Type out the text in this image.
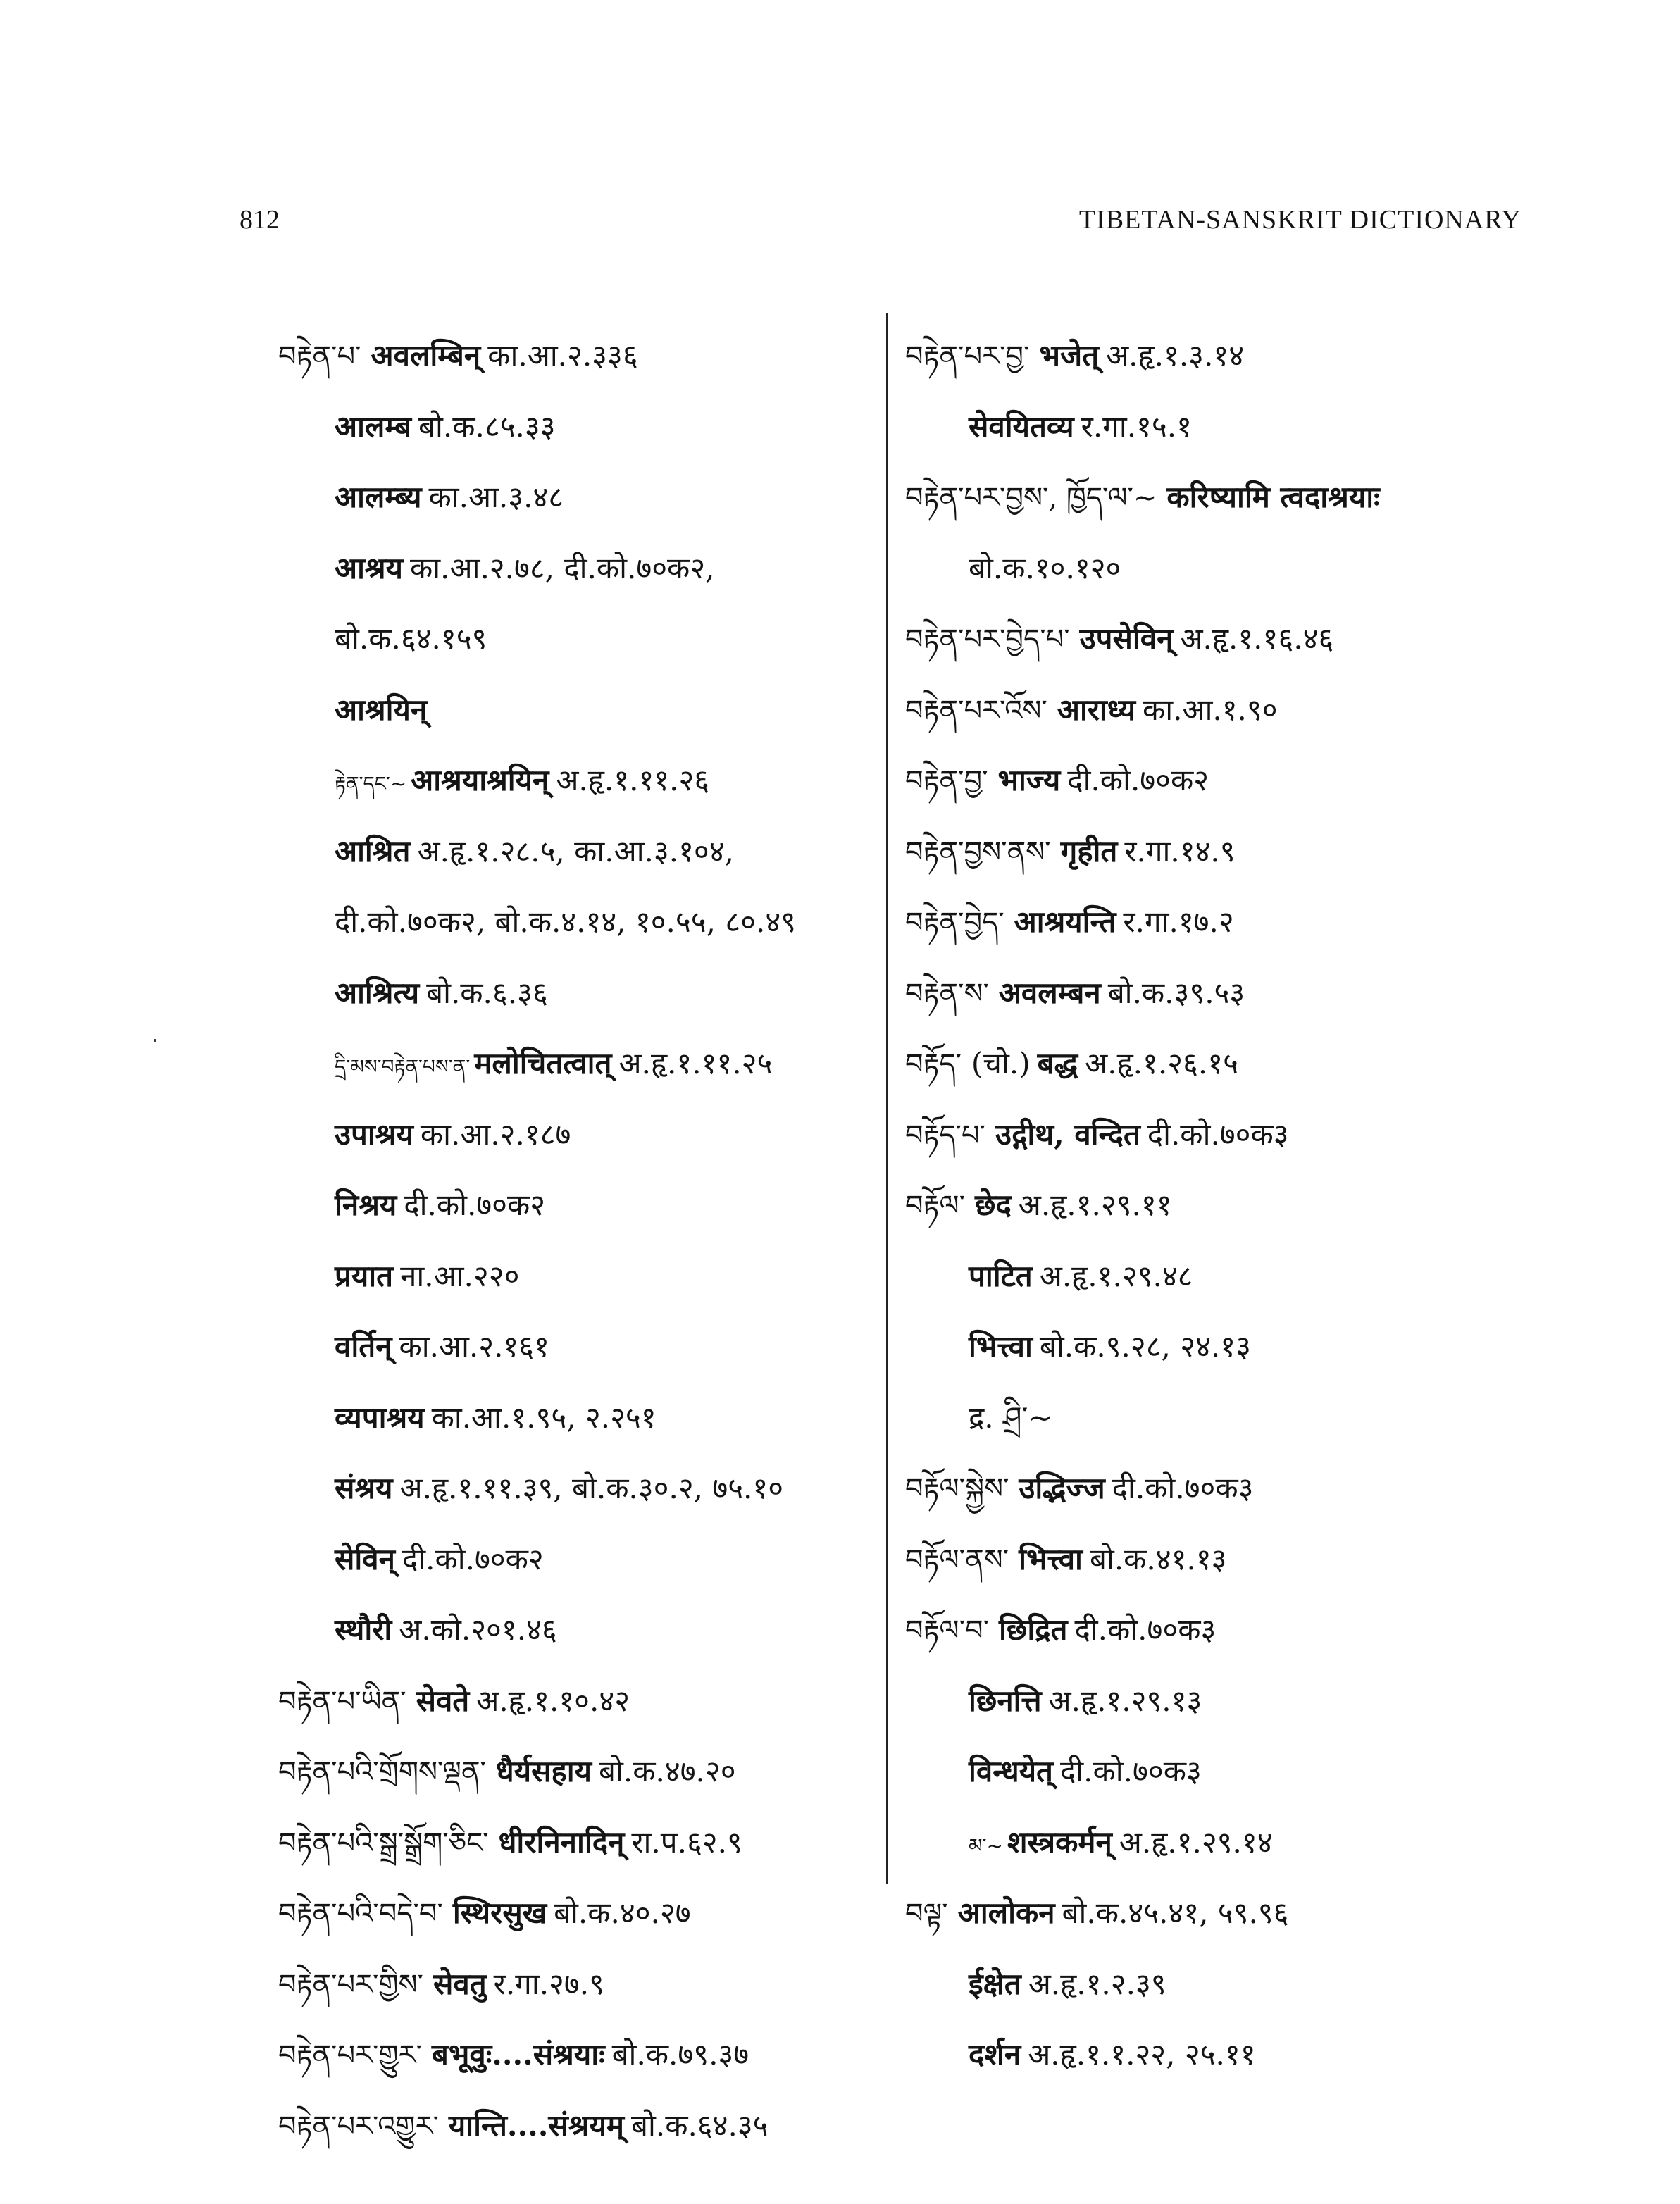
812	TIBETAN-SANSKRIT DICTIONARY
བརྟེན་པ་ अवलम्बिन् का.आ.२.३३६
आलम्ब बो.क.८५.३३
आलम्ब्य का.आ.३.४८
आश्रय का.आ.२.७८, दी.को.७०क२,
बो.क.६४.१५९
आश्रयिन्
རྟེན་དང་~ आश्रयाश्रयिन् अ.हृ.१.११.२६
आश्रित अ.हृ.१.२८.५, का.आ.३.१०४,
दी.को.७०क२, बो.क.४.१४, १०.५५, ८०.४९
आश्रित्य बो.क.६.३६
དྲི་མས་བརྟེན་པས་ན་ मलोचितत्वात् अ.हृ.१.११.२५
उपाश्रय का.आ.२.१८७
निश्रय दी.को.७०क२
प्रयात ना.आ.२२०
वर्तिन् का.आ.२.१६१
व्यपाश्रय का.आ.१.९५, २.२५१
संश्रय अ.हृ.१.११.३९, बो.क.३०.२, ७५.१०
सेविन् दी.को.७०क२
स्थौरी अ.को.२०१.४६
བརྟེན་པ་ཡིན་ सेवते अ.हृ.१.१०.४२
བརྟེན་པའི་གྲོགས་ལྡན་ धैर्यसहाय बो.क.४७.२०
བརྟེན་པའི་སྒྲ་སྒྲོག་ཅིང་ धीरनिनादिन् रा.प.६२.९
བརྟེན་པའི་བདེ་བ་ स्थिरसुख बो.क.४०.२७
བརྟེན་པར་གྱིས་ सेवतु र.गा.२७.९
བརྟེན་པར་གྱུར་ बभूवुः....संश्रयाः बो.क.७९.३७
བརྟེན་པར་འགྱུར་ यान्ति....संश्रयम् बो.क.६४.३५
བརྟེན་པར་བྱ་ भजेत् अ.हृ.१.३.१४
सेवयितव्य र.गा.१५.१
བརྟེན་པར་བྱས་, ཁྱོད་ལ་~ करिष्यामि त्वदाश्रयाः
बो.क.१०.१२०
བརྟེན་པར་བྱེད་པ་ उपसेविन् अ.हृ.१.१६.४६
བརྟེན་པར་འོས་ आराध्य का.आ.१.९०
བརྟེན་བྱ་ भाज्य दी.को.७०क२
བརྟེན་བྱས་ནས་ गृहीत र.गा.१४.९
བརྟེན་བྱེད་ आश्रयन्ति र.गा.१७.२
བརྟེན་ས་ अवलम्बन बो.क.३९.५३
བརྟོད་ (चो.) बद्ध अ.हृ.१.२६.१५
བརྟོད་པ་ उद्गीथ, वन्दित दी.को.७०क३
བརྟོལ་ छेद अ.हृ.१.२९.११
पाटित अ.हृ.१.२९.४८
भित्त्वा बो.क.९.२८, २४.१३
द्र. ཤྲི་~
བརྟོལ་སྐྱེས་ उद्भिज्ज दी.को.७०क३
བརྟོལ་ནས་ भित्त्वा बो.क.४१.१३
བརྟོལ་བ་ छिद्रित दी.को.७०क३
छिनत्ति अ.हृ.१.२९.१३
विन्धयेत् दी.को.७०क३
མ་~ शस्त्रकर्मन् अ.हृ.१.२९.१४
བལྟ་ आलोकन बो.क.४५.४१, ५९.९६
ईक्षेत अ.हृ.१.२.३९
दर्शन अ.हृ.१.१.२२, २५.११
